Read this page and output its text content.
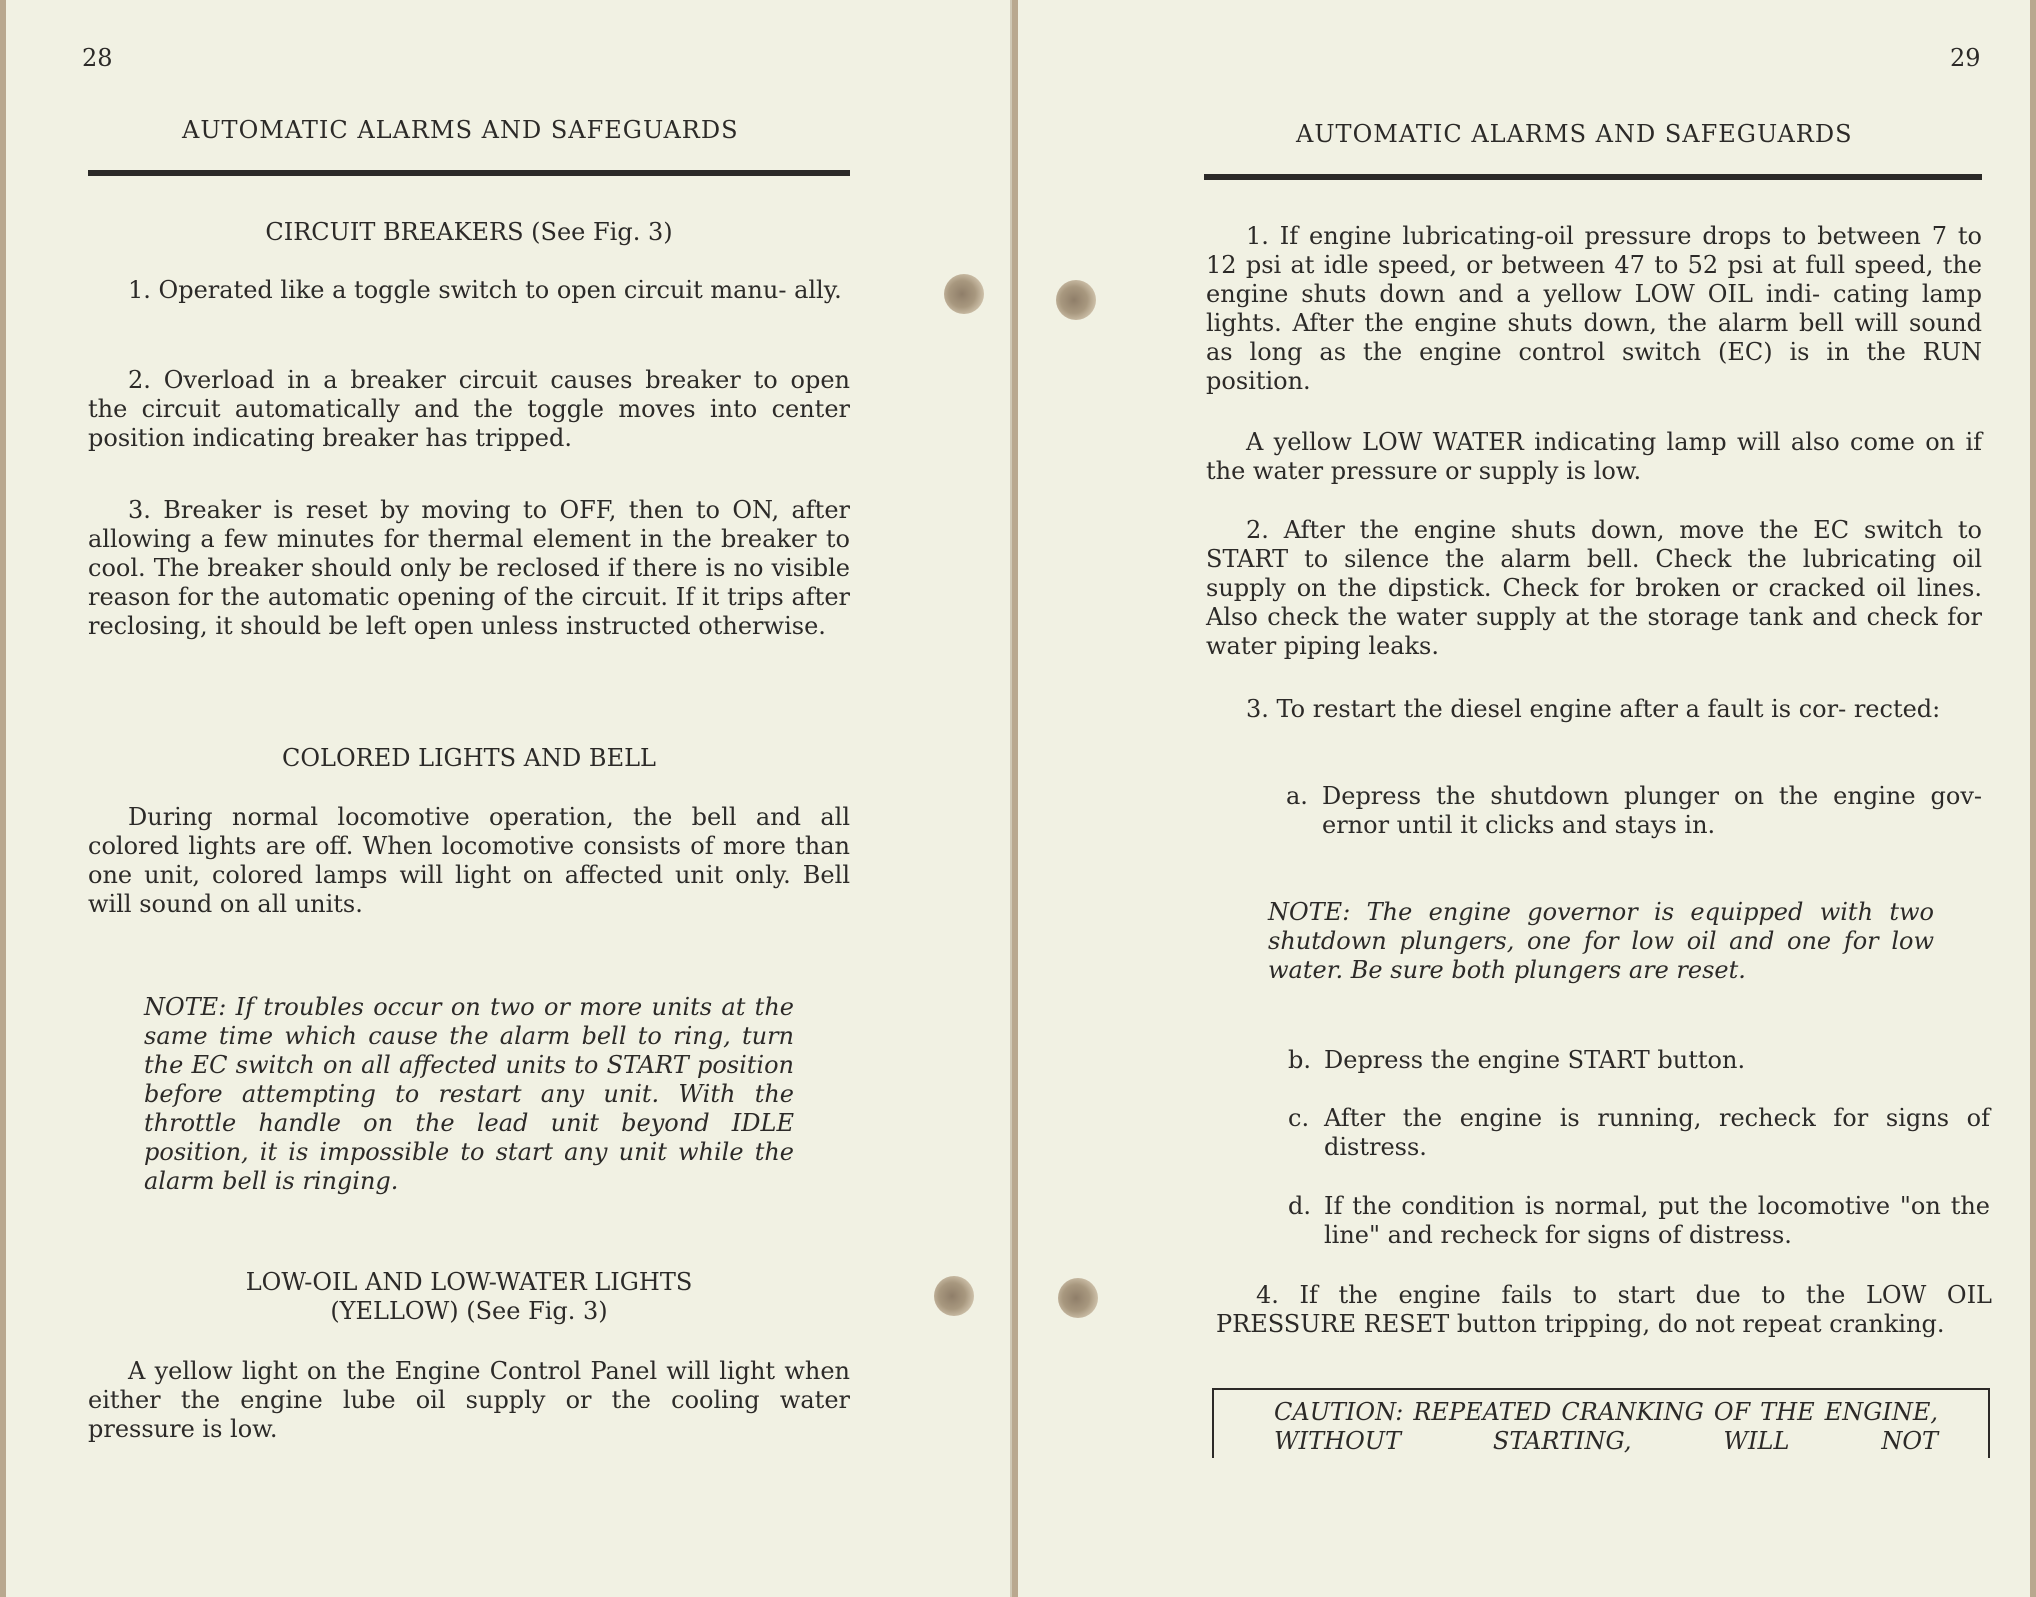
28
AUTOMATIC ALARMS AND SAFEGUARDS
CIRCUIT BREAKERS (See Fig. 3)
1. Operated like a toggle switch to open circuit manu- ally.
2. Overload in a breaker circuit causes breaker to open the circuit automatically and the toggle moves into center position indicating breaker has tripped.
3. Breaker is reset by moving to OFF, then to ON, after allowing a few minutes for thermal element in the breaker to cool. The breaker should only be reclosed if there is no visible reason for the automatic opening of the circuit. If it trips after reclosing, it should be left open unless instructed otherwise.
COLORED LIGHTS AND BELL
During normal locomotive operation, the bell and all colored lights are off. When locomotive consists of more than one unit, colored lamps will light on affected unit only. Bell will sound on all units.
NOTE: If troubles occur on two or more units at the same time which cause the alarm bell to ring, turn the EC switch on all affected units to START position before attempting to restart any unit. With the throttle handle on the lead unit beyond IDLE position, it is impossible to start any unit while the alarm bell is ringing.
LOW-OIL AND LOW-WATER LIGHTS
(YELLOW) (See Fig. 3)
A yellow light on the Engine Control Panel will light when either the engine lube oil supply or the cooling water pressure is low.
29
AUTOMATIC ALARMS AND SAFEGUARDS
1. If engine lubricating-oil pressure drops to between 7 to 12 psi at idle speed, or between 47 to 52 psi at full speed, the engine shuts down and a yellow LOW OIL indi- cating lamp lights. After the engine shuts down, the alarm bell will sound as long as the engine control switch (EC) is in the RUN position.
A yellow LOW WATER indicating lamp will also come on if the water pressure or supply is low.
2. After the engine shuts down, move the EC switch to START to silence the alarm bell. Check the lubricating oil supply on the dipstick. Check for broken or cracked oil lines. Also check the water supply at the storage tank and check for water piping leaks.
3. To restart the diesel engine after a fault is cor- rected:
a. Depress the shutdown plunger on the engine gov- ernor until it clicks and stays in.
NOTE: The engine governor is equipped with two shutdown plungers, one for low oil and one for low water. Be sure both plungers are reset.
b. Depress the engine START button.
c. After the engine is running, recheck for signs of distress.
d. If the condition is normal, put the locomotive "on the line" and recheck for signs of distress.
4. If the engine fails to start due to the LOW OIL PRESSURE RESET button tripping, do not repeat cranking.
CAUTION: REPEATED CRANKING OF THE ENGINE, WITHOUT STARTING, WILL NOT
